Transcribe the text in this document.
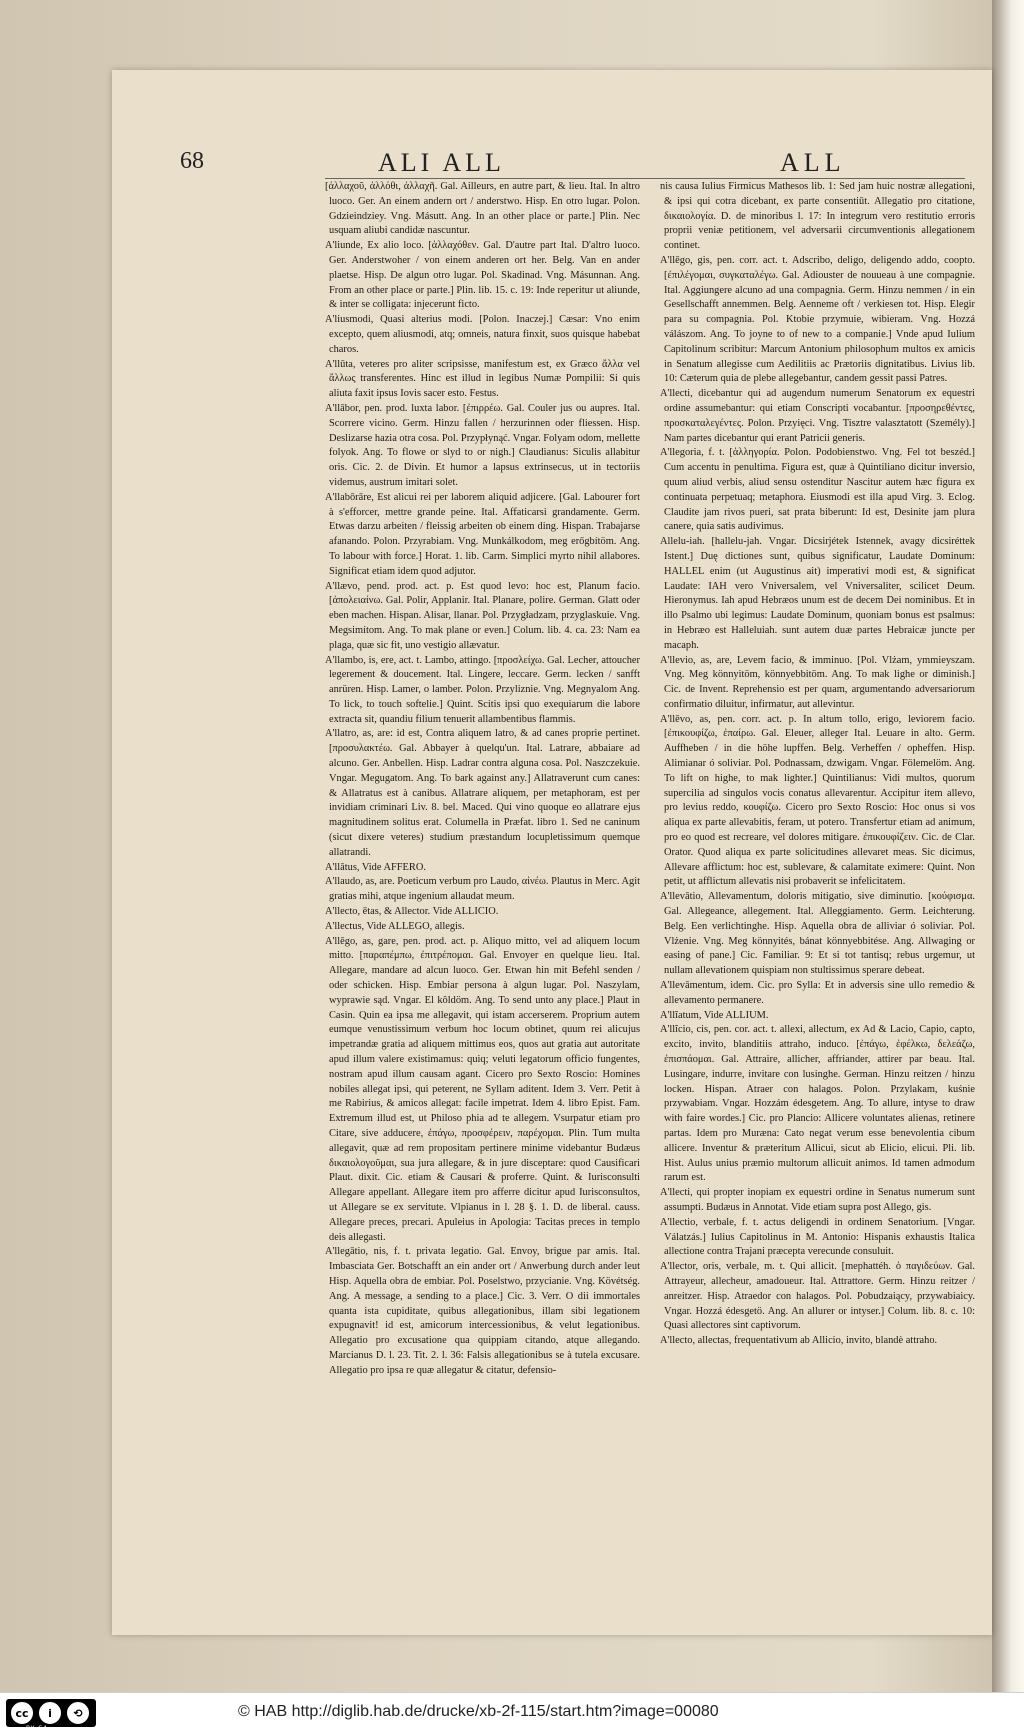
68	ALI ALL	ALL

[ἀλλαχοῦ, ἀλλόθι, ἀλλαχῆ. Gal. Ailleurs, en autre part, & lieu. Ital. In altro luoco. Ger. An einem andern ort / anderstwo. Hisp. En otro lugar. Polon. Gdzieindziey. Vng. Másutt. Ang. In an other place or parte.] Plin. Nec usquam aliubi candidæ nascuntur.

A'liunde, Ex alio loco. [ἀλλαχόθεν. Gal. D'autre part Ital. D'altro luoco. Ger. Anderstwoher / von einem anderen ort her. Belg. Van en ander plaetse. Hisp. De algun otro lugar. Pol. Skadinad. Vng. Másunnan. Ang. From an other place or parte.] Plin. lib. 15. c. 19: Inde reperitur ut aliunde, & inter se colligata: injecerunt ficto.

A'liusmodi, Quasi alterius modi. [Polon. Inaczej.] Cæsar: Vno enim excepto, quem aliusmodi, atq; omneis, natura finxit, suos quisque habebat charos.

A'llūta, veteres pro aliter scripsisse, manifestum est, ex Græco ἄλλα vel ἄλλως transferentes. Hinc est illud in legibus Numæ Pompilii: Si quis aliuta faxit ipsus Iovis sacer esto. Festus.

A'llābor, pen. prod. luxta labor. [ἐπιρρέω. Gal. Couler jus ou aupres. Ital. Scorrere vicino. Germ. Hinzu fallen / herzurinnen oder fliessen. Hisp. Deslizarse hazia otra cosa. Pol. Przypłynąć. Vngar. Folyam odom, mellette folyok. Ang. To flowe or slyd to or nigh.] Claudianus: Siculis allabitur oris. Cic. 2. de Divin. Et humor a lapsus extrinsecus, ut in tectoriis videmus, austrum imitari solet.

A'llabōrāre, Est alicui rei per laborem aliquid adjicere. [Gal. Labourer fort à s'efforcer, mettre grande peine. Ital. Affaticarsi grandamente. Germ. Etwas darzu arbeiten / fleissig arbeiten ob einem ding. Hispan. Trabajarse afanando. Polon. Przyrabiam. Vng. Munkálkodom, meg erőgbítöm. Ang. To labour with force.] Horat. 1. lib. Carm. Simplici myrto nihil allabores. Significat etiam idem quod adjutor.

A'llævo, pend. prod. act. p. Est quod levo: hoc est, Planum facio. [ἀπολειαίνω. Gal. Polir, Applanir. Ital. Planare, polire. German. Glatt oder eben machen. Hispan. Alisar, llanar. Pol. Przygładzam, przyglaskuie. Vng. Megsimítom. Ang. To mak plane or even.] Colum. lib. 4. ca. 23: Nam ea plaga, quæ sic fit, uno vestigio allævatur.

A'llambo, is, ere, act. t. Lambo, attingo. [προσλείχω. Gal. Lecher, attoucher legerement & doucement. Ital. Lingere, leccare. Germ. lecken / sanfft anrüren. Hisp. Lamer, o lamber. Polon. Przyliznie. Vng. Megnyalom Ang. To lick, to touch softelie.] Quint. Scitis ipsi quo exequiarum die labore extracta sit, quandiu filium tenuerit allambentibus flammis.

A'llatro, as, are: id est, Contra aliquem latro, & ad canes proprie pertinet. [προσυλακτέω. Gal. Abbayer à quelqu'un. Ital. Latrare, abbaiare ad alcuno. Ger. Anbellen. Hisp. Ladrar contra alguna cosa. Pol. Naszczekuie. Vngar. Megugatom. Ang. To bark against any.] Allatraverunt cum canes: & Allatratus est à canibus. Allatrare aliquem, per metaphoram, est per invidiam criminari Liv. 8. bel. Maced. Qui vino quoque eo allatrare ejus magnitudinem solitus erat. Columella in Præfat. libro 1. Sed ne caninum (sicut dixere veteres) studium præstandum locupletissimum quemque allatrandi.

A'llātus, Vide AFFERO.

A'llaudo, as, are. Poeticum verbum pro Laudo, αἰνέω. Plautus in Merc. Agit gratias mihi, atque ingenium allaudat meum.

A'llecto, ētas, & Allector. Vide ALLICIO.

A'llectus, Vide ALLEGO, allegis.

A'llēgo, as, gare, pen. prod. act. p. Aliquo mitto, vel ad aliquem locum mitto. [παραπέμπω, ἐπιτρέπομαι. Gal. Envoyer en quelque lieu. Ital. Allegare, mandare ad alcun luoco. Ger. Etwan hin mit Befehl senden / oder schicken. Hisp. Embiar persona à algun lugar. Pol. Naszylam, wyprawie sąd. Vngar. El kôldöm. Ang. To send unto any place.] Plaut in Casin. Quin ea ipsa me allegavit, qui istam accerserem. Proprium autem eumque venustissimum verbum hoc locum obtinet, quum rei alicujus impetrandæ gratia ad aliquem mittimus eos, quos aut gratia aut autoritate apud illum valere existimamus: quiq; veluti legatorum officio fungentes, nostram apud illum causam agant. Cicero pro Sexto Roscio: Homines nobiles allegat ipsi, qui peterent, ne Syllam aditent. Idem 3. Verr. Petit à me Rabirius, & amicos allegat: facile impetrat. Idem 4. libro Epist. Fam. Extremum illud est, ut Philoso phia ad te allegem. Vsurpatur etiam pro Citare, sive adducere, ἐπάγω, προσφέρειν, παρέχομαι. Plin. Tum multa allegavit, quæ ad rem propositam pertinere minime videbantur Budæus δικαιολογοῦμαι, sua jura allegare, & in jure disceptare: quod Causificari Plaut. dixit. Cic. etiam & Causari & proferre. Quint. & Iurisconsulti Allegare appellant. Allegare item pro afferre dicitur apud Iurisconsultos, ut Allegare se ex servitute. Vlpianus in l. 28 §. 1. D. de liberal. causs. Allegare preces, precari. Apuleius in Apologia: Tacitas preces in templo deis allegasti.

A'llegātio, nis, f. t. privata legatio. Gal. Envoy, brigue par amis. Ital. Imbasciata Ger. Botschafft an ein ander ort / Anwerbung durch ander leut Hisp. Aquella obra de embiar. Pol. Poselstwo, przycianie. Vng. Kövétség. Ang. A message, a sending to a place.] Cic. 3. Verr. O dii immortales quanta ista cupiditate, quibus allegationibus, illam sibi legationem expugnavit! id est, amicorum intercessionibus, & velut legationibus. Allegatio pro excusatione qua quippiam citando, atque allegando. Marcianus D. l. 23. Tit. 2. l. 36: Falsis allegationibus se à tutela excusare. Allegatio pro ipsa re quæ allegatur & citatur, defensio-

nis causa Iulius Firmicus Mathesos lib. 1: Sed jam huic nostræ allegationi, & ipsi qui cotra dicebant, ex parte consentiūt. Allegatio pro citatione, δικαιολογία. D. de minoribus l. 17: In integrum vero restitutio erroris proprii veniæ petitionem, vel adversarii circumventionis allegationem continet.

A'llēgo, gis, pen. corr. act. t. Adscribo, deligo, deligendo addo, coopto. [ἐπιλέγομαι, συγκαταλέγω. Gal. Adiouster de nouueau à une compagnie. Ital. Aggiungere alcuno ad una compagnia. Germ. Hinzu nemmen / in ein Gesellschafft annemmen. Belg. Aenneme oft / verkiesen tot. Hisp. Elegir para su compagnia. Pol. Ktobie przymuie, wibieram. Vng. Hozzá válászom. Ang. To joyne to of new to a companie.] Vnde apud Iulium Capitolinum scribitur: Marcum Antonium philosophum multos ex amicis in Senatum allegisse cum Aedilitiis ac Prætoriis dignitatibus. Livius lib. 10: Cæterum quia de plebe allegebantur, candem gessit passi Patres.

A'llecti, dicebantur qui ad augendum numerum Senatorum ex equestri ordine assumebantur: qui etiam Conscripti vocabantur. [προσηρεθέντες, προσκαταλεγέντες. Polon. Przyięci. Vng. Tisztre valasztatott (Személy).] Nam partes dicebantur qui erant Patricii generis.

A'llegoria, f. t. [ἀλληγορία. Polon. Podobienstwo. Vng. Fel tot beszéd.] Cum accentu in penultima. Figura est, quæ à Quintiliano dicitur inversio, quum aliud verbis, aliud sensu ostenditur Nascitur autem hæc figura ex continuata perpetuaq; metaphora. Eiusmodi est illa apud Virg. 3. Eclog. Claudite jam rivos pueri, sat prata biberunt: Id est, Desinite jam plura canere, quia satis audivimus.

Allelu-iah. [hallelu-jah. Vngar. Dicsirjétek Istennek, avagy dicsiréttek Istent.] Duę dictiones sunt, quibus significatur, Laudate Dominum: HALLEL enim (ut Augustinus ait) imperativi modi est, & significat Laudate: IAH vero Vniversalem, vel Vniversaliter, scilicet Deum. Hieronymus. Iah apud Hebræos unum est de decem Dei nominibus. Et in illo Psalmo ubi legimus: Laudate Dominum, quoniam bonus est psalmus: in Hebræo est Halleluiah. sunt autem duæ partes Hebraicæ juncte per macaph.

A'llevio, as, are, Levem facio, & imminuo. [Pol. Vlżam, ymmieyszam. Vng. Meg könnyitöm, könnyebbitöm. Ang. To mak lighe or diminish.] Cic. de Invent. Reprehensio est per quam, argumentando adversariorum confirmatio diluitur, infirmatur, aut allevintur.

A'llēvo, as, pen. corr. act. p. In altum tollo, erigo, leviorem facio. [ἐπικουφίζω, ἐπαίρω. Gal. Eleuer, alleger Ital. Leuare in alto. Germ. Auffheben / in die höhe lupffen. Belg. Verheffen / opheffen. Hisp. Alimianar ó soliviar. Pol. Podnassam, dzwigam. Vngar. Fölemelöm. Ang. To lift on highe, to mak lighter.] Quintilianus: Vidi multos, quorum supercilia ad singulos vocis conatus allevarentur. Accipitur item allevo, pro levius reddo, κουφίζω. Cicero pro Sexto Roscio: Hoc onus si vos aliqua ex parte allevabitis, feram, ut potero. Transfertur etiam ad animum, pro eo quod est recreare, vel dolores mitigare. ἐπικουφίζειν. Cic. de Clar. Orator. Quod aliqua ex parte solicitudines allevaret meas. Sic dicimus, Allevare afflictum: hoc est, sublevare, & calamitate eximere: Quint. Non petit, ut afflictum allevatis nisi probaverit se infelicitatem.

A'llevātio, Allevamentum, doloris mitigatio, sive diminutio. [κούφισμα. Gal. Allegeance, allegement. Ital. Alleggiamento. Germ. Leichterung. Belg. Een verlichtinghe. Hisp. Aquella obra de alliviar ó soliviar. Pol. Vlżenie. Vng. Meg könnyités, bánat könnyebbitése. Ang. Allwaging or easing of pane.] Cic. Familiar. 9: Et si tot tantisq; rebus urgemur, ut nullam allevationem quispiam non stultissimus sperare debeat.

A'llevāmentum, idem. Cic. pro Sylla: Et in adversis sine ullo remedio & allevamento permanere.

A'llĭatum, Vide ALLIUM.

A'llĭcio, cis, pen. cor. act. t. allexi, allectum, ex Ad & Lacio, Capio, capto, excito, invito, blanditiis attraho, induco. [ἐπάγω, ἐφέλκω, δελεάζω, ἐπισπάομαι. Gal. Attraire, allicher, affriander, attirer par beau. Ital. Lusingare, indurre, invitare con lusinghe. German. Hinzu reitzen / hinzu locken. Hispan. Atraer con halagos. Polon. Przylakam, kuśnie przywabiam. Vngar. Hozzám édesgetem. Ang. To allure, intyse to draw with faire wordes.] Cic. pro Plancio: Allicere voluntates alienas, retinere partas. Idem pro Muræna: Cato negat verum esse benevolentia cibum allicere. Inventur & præteritum Allicui, sicut ab Elicio, elicui. Pli. lib. Hist. Aulus unius præmio multorum allicuit animos. Id tamen admodum rarum est.

A'llecti, qui propter inopiam ex equestri ordine in Senatus numerum sunt assumpti. Budæus in Annotat. Vide etiam supra post Allego, gis.

A'llectio, verbale, f. t. actus deligendi in ordinem Senatorium. [Vngar. Válatzás.] Iulius Capitolinus in M. Antonio: Hispanis exhaustis Italica allectione contra Trajani præcepta verecunde consuluit.

A'llector, oris, verbale, m. t. Qui allicit. [mephattéh. ὁ παγιδεύων. Gal. Attrayeur, allecheur, amadoueur. Ital. Attrattore. Germ. Hinzu reitzer / anreitzer. Hisp. Atraedor con halagos. Pol. Pobudzaiący, przywabiaicy. Vngar. Hozzá édesgetö. Ang. An allurer or intyser.] Colum. lib. 8. c. 10: Quasi allectores sint captivorum.

A'llecto, allectas, frequentativum ab Allicio, invito, blandè attraho.

cc	i	⟲
BY SA
© HAB http://diglib.hab.de/drucke/xb-2f-115/start.htm?image=00080
